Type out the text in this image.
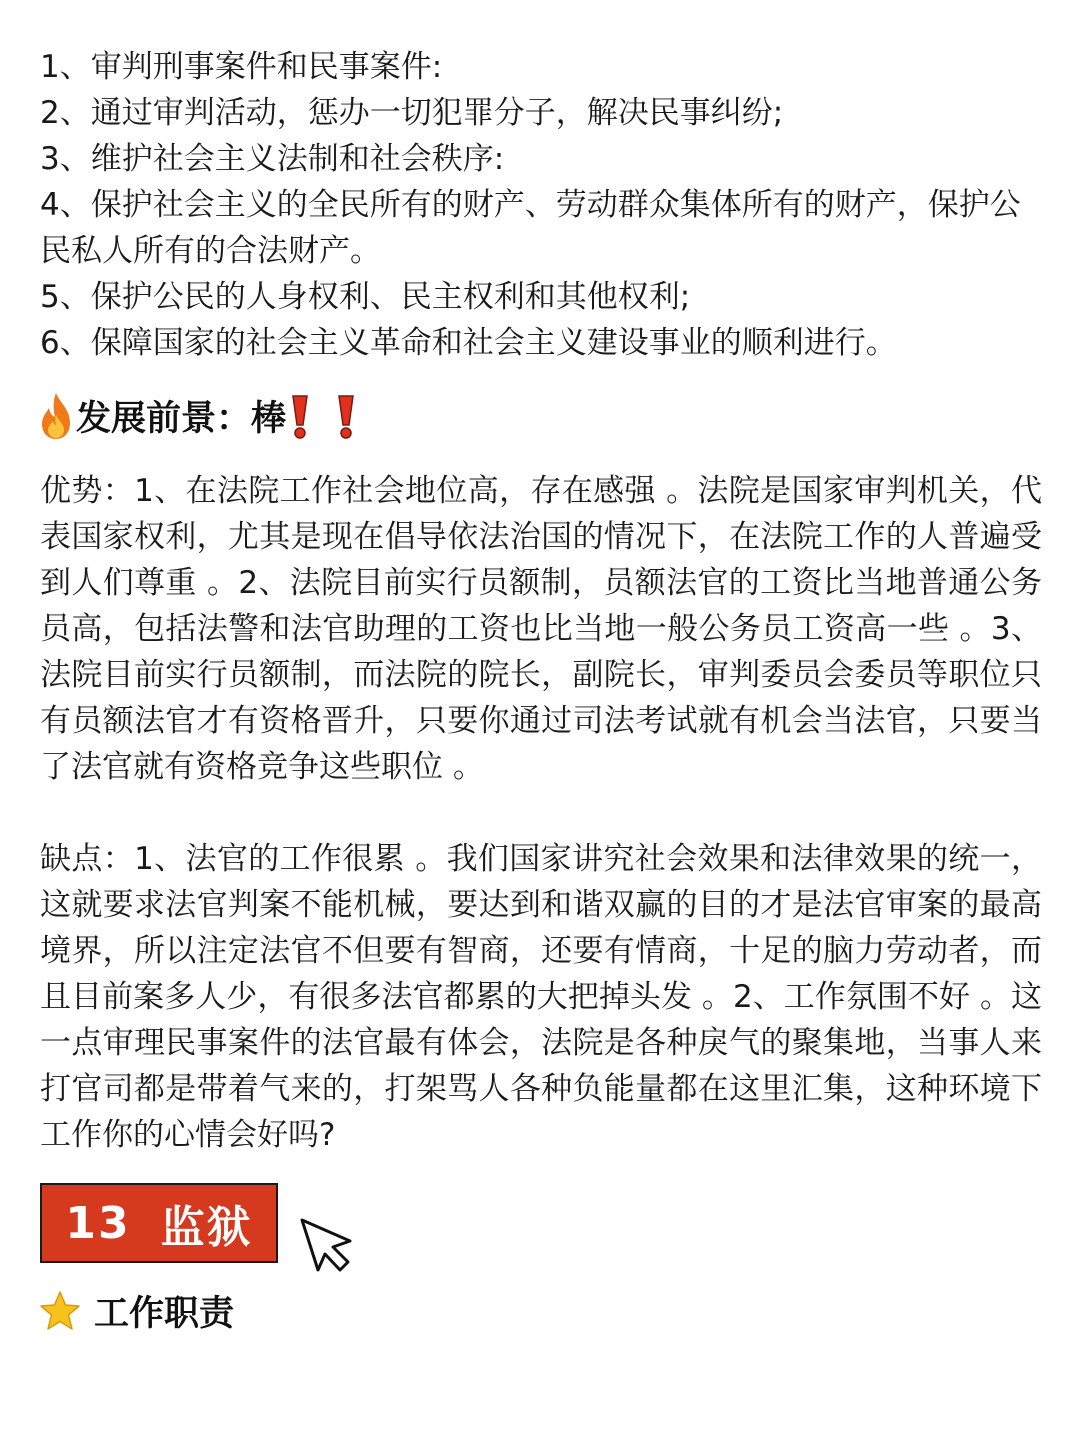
1、审判刑事案件和民事案件:
2、通过审判活动，惩办一切犯罪分子，解决民事纠纷;
3、维护社会主义法制和社会秩序:
4、保护社会主义的全民所有的财产、劳动群众集体所有的财产，保护公民私人所有的合法财产。
5、保护公民的人身权利、民主权利和其他权利;
6、保障国家的社会主义革命和社会主义建设事业的顺利进行。
发展前景：棒

优势：1、在法院工作社会地位高，存在感强 。法院是国家审判机关，代表国家权利，尤其是现在倡导依法治国的情况下，在法院工作的人普遍受到人们尊重 。2、法院目前实行员额制，员额法官的工资比当地普通公务员高，包括法警和法官助理的工资也比当地一般公务员工资高一些 。3、法院目前实行员额制，而法院的院长，副院长，审判委员会委员等职位只有员额法官才有资格晋升，只要你通过司法考试就有机会当法官，只要当了法官就有资格竞争这些职位 。

缺点：1、法官的工作很累 。我们国家讲究社会效果和法律效果的统一，这就要求法官判案不能机械，要达到和谐双赢的目的才是法官审案的最高境界，所以注定法官不但要有智商，还要有情商，十足的脑力劳动者，而且目前案多人少，有很多法官都累的大把掉头发 。2、工作氛围不好 。这一点审理民事案件的法官最有体会，法院是各种戾气的聚集地，当事人来打官司都是带着气来的，打架骂人各种负能量都在这里汇集，这种环境下工作你的心情会好吗?

13 监狱
工作职责
